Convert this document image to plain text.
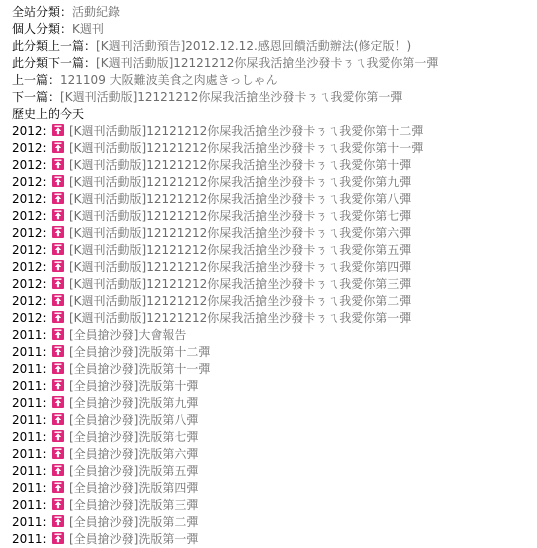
全站分類：活動紀錄
個人分類：K週刊
此分類上一篇：[K週刊活動預告]2012.12.12.感恩回饋活動辦法(修定版！)
此分類下一篇：[K週刊活動版]12121212你屎我活搶坐沙發卡ㄋㄟ我愛你第一彈
上一篇：121109 大阪難波美食之肉處きっしゃん
下一篇：[K週刊活動版]12121212你屎我活搶坐沙發卡ㄋㄟ我愛你第一彈
歷史上的今天
2012: [K週刊活動版]12121212你屎我活搶坐沙發卡ㄋㄟ我愛你第十二彈
2012: [K週刊活動版]12121212你屎我活搶坐沙發卡ㄋㄟ我愛你第十一彈
2012: [K週刊活動版]12121212你屎我活搶坐沙發卡ㄋㄟ我愛你第十彈
2012: [K週刊活動版]12121212你屎我活搶坐沙發卡ㄋㄟ我愛你第九彈
2012: [K週刊活動版]12121212你屎我活搶坐沙發卡ㄋㄟ我愛你第八彈
2012: [K週刊活動版]12121212你屎我活搶坐沙發卡ㄋㄟ我愛你第七彈
2012: [K週刊活動版]12121212你屎我活搶坐沙發卡ㄋㄟ我愛你第六彈
2012: [K週刊活動版]12121212你屎我活搶坐沙發卡ㄋㄟ我愛你第五彈
2012: [K週刊活動版]12121212你屎我活搶坐沙發卡ㄋㄟ我愛你第四彈
2012: [K週刊活動版]12121212你屎我活搶坐沙發卡ㄋㄟ我愛你第三彈
2012: [K週刊活動版]12121212你屎我活搶坐沙發卡ㄋㄟ我愛你第二彈
2012: [K週刊活動版]12121212你屎我活搶坐沙發卡ㄋㄟ我愛你第一彈
2011: [全員搶沙發]大會報告
2011: [全員搶沙發]洗版第十二彈
2011: [全員搶沙發]洗版第十一彈
2011: [全員搶沙發]洗版第十彈
2011: [全員搶沙發]洗版第九彈
2011: [全員搶沙發]洗版第八彈
2011: [全員搶沙發]洗版第七彈
2011: [全員搶沙發]洗版第六彈
2011: [全員搶沙發]洗版第五彈
2011: [全員搶沙發]洗版第四彈
2011: [全員搶沙發]洗版第三彈
2011: [全員搶沙發]洗版第二彈
2011: [全員搶沙發]洗版第一彈
